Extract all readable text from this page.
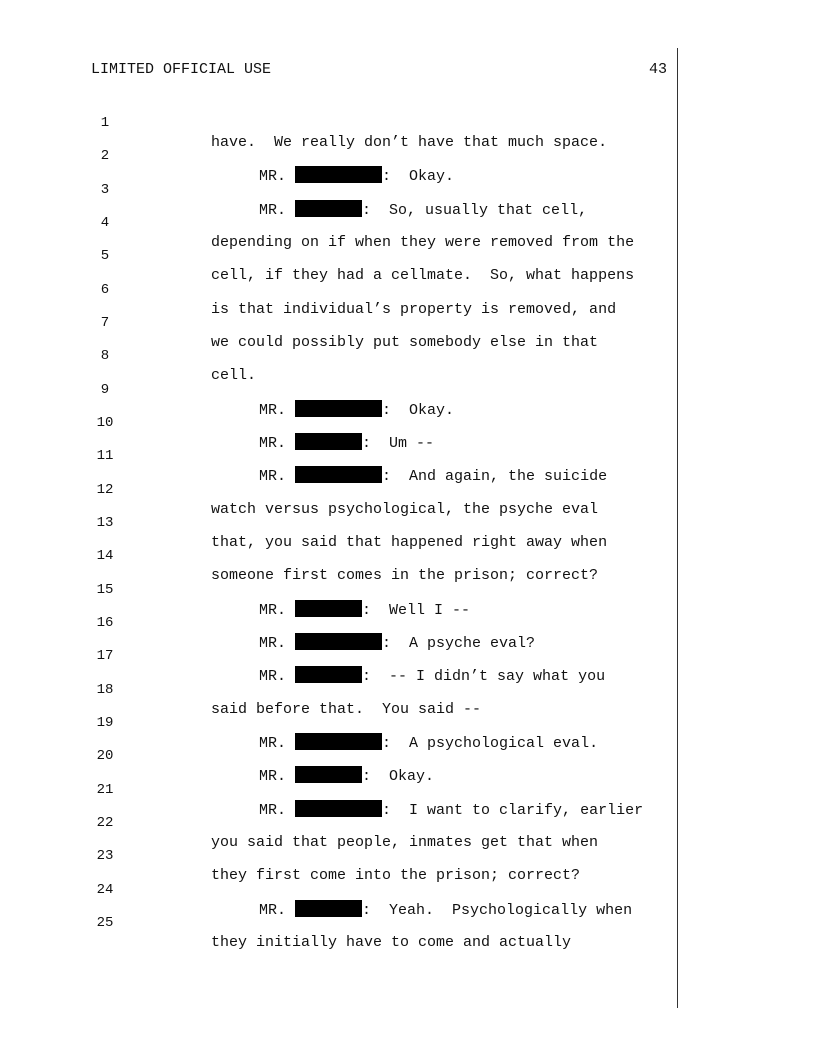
LIMITED OFFICIAL USE	43

1

have.  We really don’t have that much space.

2

MR.	:  Okay.

3

MR.	:  So, usually that cell,

4

depending on if when they were removed from the

5

cell, if they had a cellmate.  So, what happens

6

is that individual’s property is removed, and

7

we could possibly put somebody else in that

8

cell.

9

MR.	:  Okay.

10

MR.	:  Um --

11

MR.	:  And again, the suicide

12

watch versus psychological, the psyche eval

13

that, you said that happened right away when

14

someone first comes in the prison; correct?

15

MR.	:  Well I --

16

MR.	:  A psyche eval?

17

MR.	:  -- I didn’t say what you

18

said before that.  You said --

19

MR.	:  A psychological eval.

20

MR.	:  Okay.

21

MR.	:  I want to clarify, earlier

22

you said that people, inmates get that when

23

they first come into the prison; correct?

24

MR.	:  Yeah.  Psychologically when

25

they initially have to come and actually
